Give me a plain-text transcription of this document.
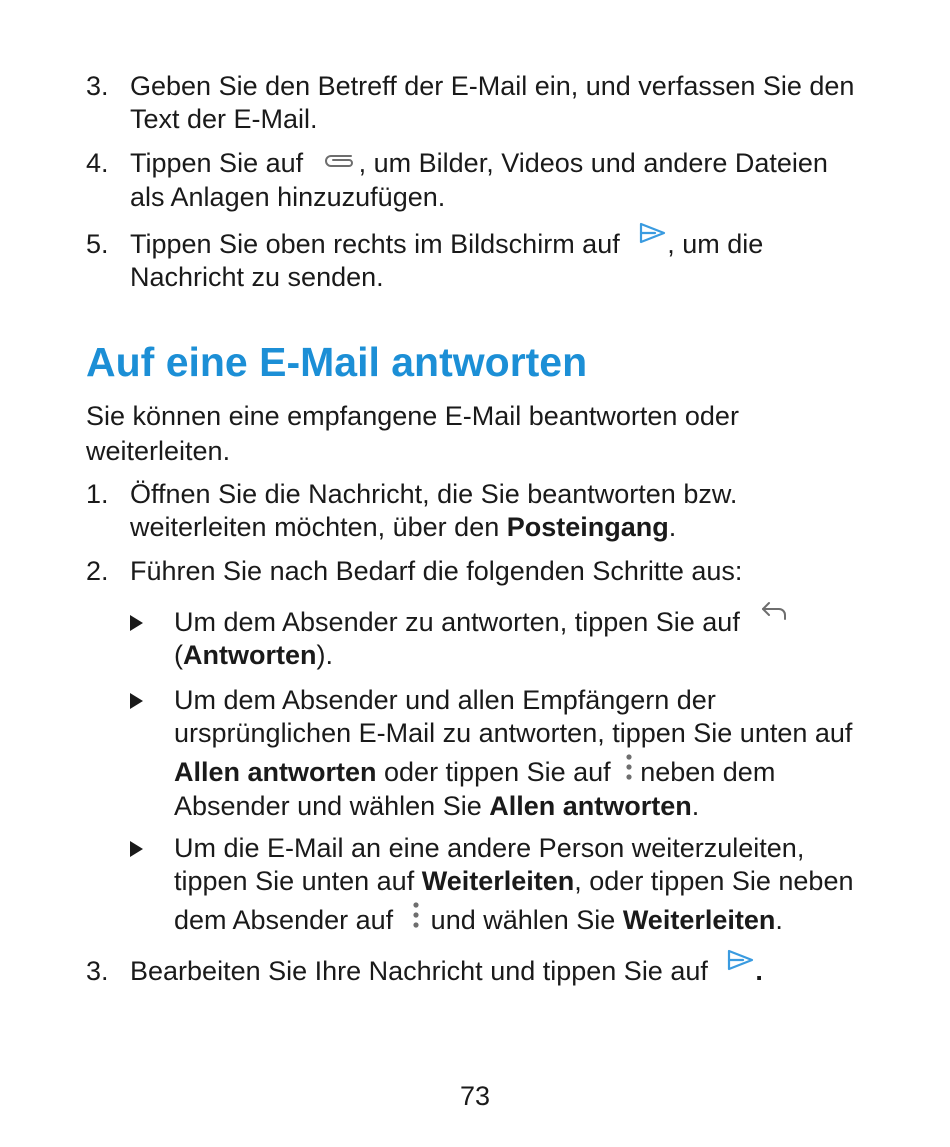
3. Geben Sie den Betreff der E-Mail ein, und verfassen Sie den
Text der E-Mail.
4. Tippen Sie auf , um Bilder, Videos und andere Dateien
als Anlagen hinzuzufügen.
5. Tippen Sie oben rechts im Bildschirm auf , um die
Nachricht zu senden.
Auf eine E-Mail antworten
Sie können eine empfangene E-Mail beantworten oder
weiterleiten.
1. Öffnen Sie die Nachricht, die Sie beantworten bzw.
weiterleiten möchten, über den Posteingang.
2. Führen Sie nach Bedarf die folgenden Schritte aus:
Um dem Absender zu antworten, tippen Sie auf
(Antworten).
Um dem Absender und allen Empfängern der
ursprünglichen E-Mail zu antworten, tippen Sie unten auf
Allen antworten oder tippen Sie auf neben dem
Absender und wählen Sie Allen antworten.
Um die E-Mail an eine andere Person weiterzuleiten,
tippen Sie unten auf Weiterleiten, oder tippen Sie neben
dem Absender auf und wählen Sie Weiterleiten.
3. Bearbeiten Sie Ihre Nachricht und tippen Sie auf .
73
